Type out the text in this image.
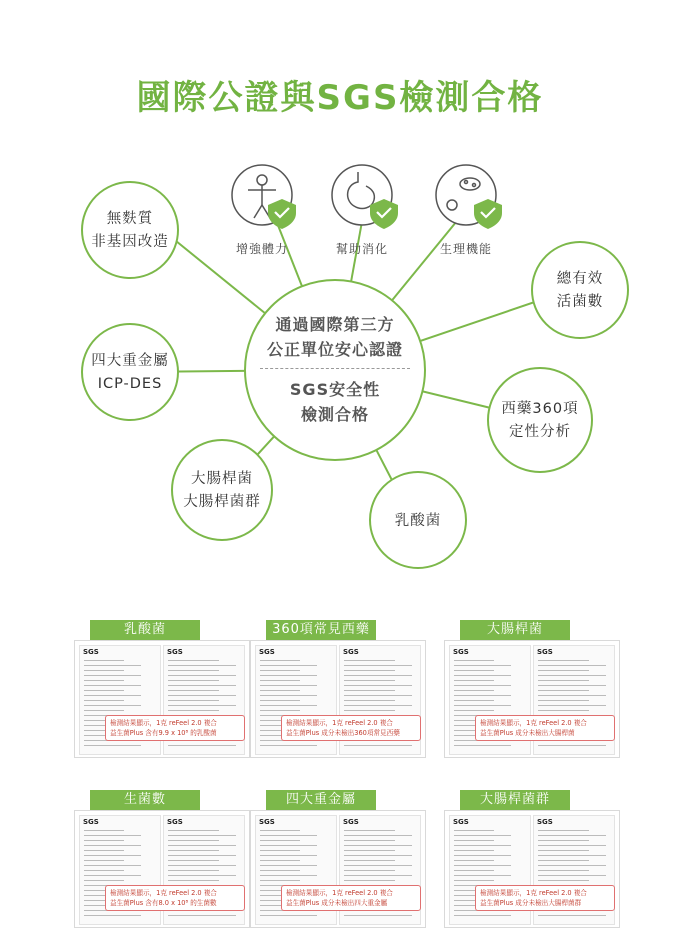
國際公證與SGS檢測合格
無麩質
非基因改造
總有效
活菌數
四大重金屬
ICP-DES
西藥360項
定性分析
大腸桿菌
大腸桿菌群
乳酸菌
通過國際第三方
公正單位安心認證
SGS安全性
檢測合格
增強體力	幫助消化	生理機能
乳酸菌
SGS	SGS
檢測結果顯示，1克 reFeel 2.0 複合
益生菌Plus 含有9.9 x 10⁸ 的乳酸菌
360項常見西藥
SGS	SGS
檢測結果顯示，1克 reFeel 2.0 複合
益生菌Plus 成分未檢出360項常見西藥
大腸桿菌
SGS	SGS
檢測結果顯示，1克 reFeel 2.0 複合
益生菌Plus 成分未檢出大腸桿菌
生菌數
SGS	SGS
檢測結果顯示，1克 reFeel 2.0 複合
益生菌Plus 含有8.0 x 10⁸ 的生菌數
四大重金屬
SGS	SGS
檢測結果顯示，1克 reFeel 2.0 複合
益生菌Plus 成分未檢出四大重金屬
大腸桿菌群
SGS	SGS
檢測結果顯示，1克 reFeel 2.0 複合
益生菌Plus 成分未檢出大腸桿菌群
